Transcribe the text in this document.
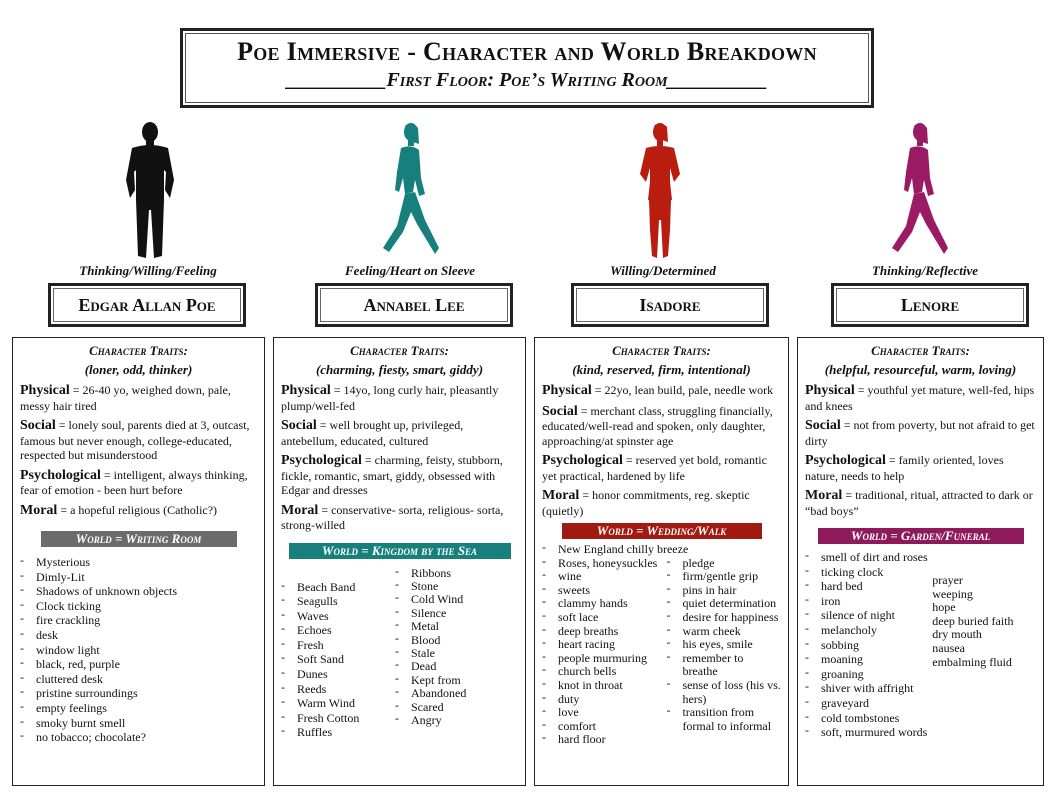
Poe Immersive - Character and World Breakdown
__________First Floor: Poe’s Writing Room__________
Thinking/Willing/Feeling	Feeling/Heart on Sleeve	Willing/Determined	Thinking/Reflective
Edgar Allan Poe	Annabel Lee	Isadore	Lenore
Character Traits:
(loner, odd, thinker)
Physical = 26-40 yo, weighed down, pale, messy hair tired
Social = lonely soul, parents died at 3, outcast, famous but never enough, college-educated, respected but misunderstood
Psychological = intelligent, always thinking, fear of emotion - been hurt before
Moral = a hopeful religious (Catholic?)
World = Writing Room
- Mysterious
- Dimly-Lit
- Shadows of unknown objects
- Clock ticking
- fire crackling
- desk
- window light
- black, red, purple
- cluttered desk
- pristine surroundings
- empty feelings
- smoky burnt smell
- no tobacco; chocolate?
Character Traits:
(charming, fiesty, smart, giddy)
Physical = 14yo, long curly hair, pleasantly plump/well-fed
Social = well brought up, privileged, antebellum, educated, cultured
Psychological = charming, feisty, stubborn, fickle, romantic, smart, giddy, obsessed with Edgar and dresses
Moral = conservative- sorta, religious- sorta, strong-willed
World = Kingdom by the Sea
- Beach Band
- Seagulls
- Waves
- Echoes
- Fresh
- Soft Sand
- Dunes
- Reeds
- Warm Wind
- Fresh Cotton
- Ruffles
- Ribbons
- Stone
- Cold Wind
- Silence
- Metal
- Blood
- Stale
- Dead
- Kept from
- Abandoned
- Scared
- Angry
Character Traits:
(kind, reserved, firm, intentional)
Physical = 22yo, lean build, pale, needle work
Social = merchant class, struggling financially, educated/well-read and spoken, only daughter, approaching/at spinster age
Psychological = reserved yet bold, romantic yet practical, hardened by life
Moral = honor commitments, reg. skeptic (quietly)
World = Wedding/Walk
- New England chilly breeze
- Roses, honeysuckles
- wine
- sweets
- clammy hands
- soft lace
- deep breaths
- heart racing
- people murmuring
- church bells
- knot in throat
- duty
- love
- comfort
- hard floor
- pledge
- firm/gentle grip
- pins in hair
- quiet determination
- desire for happiness
- warm cheek
- his eyes, smile
- remember to breathe
- sense of loss (his vs. hers)
- transition from formal to informal
Character Traits:
(helpful, resourceful, warm, loving)
Physical = youthful yet mature, well-fed, hips and knees
Social = not from poverty, but not afraid to get dirty
Psychological = family oriented, loves nature, needs to help
Moral = traditional, ritual, attracted to dark or “bad boys”
World = Garden/Funeral
- smell of dirt and roses
- ticking clock
- hard bed
- iron
- silence of night
- melancholy
- sobbing
- moaning
- groaning
- shiver with affright
- graveyard
- cold tombstones
- soft, murmured words
prayer
weeping
hope
deep buried faith
dry mouth
nausea
embalming fluid
